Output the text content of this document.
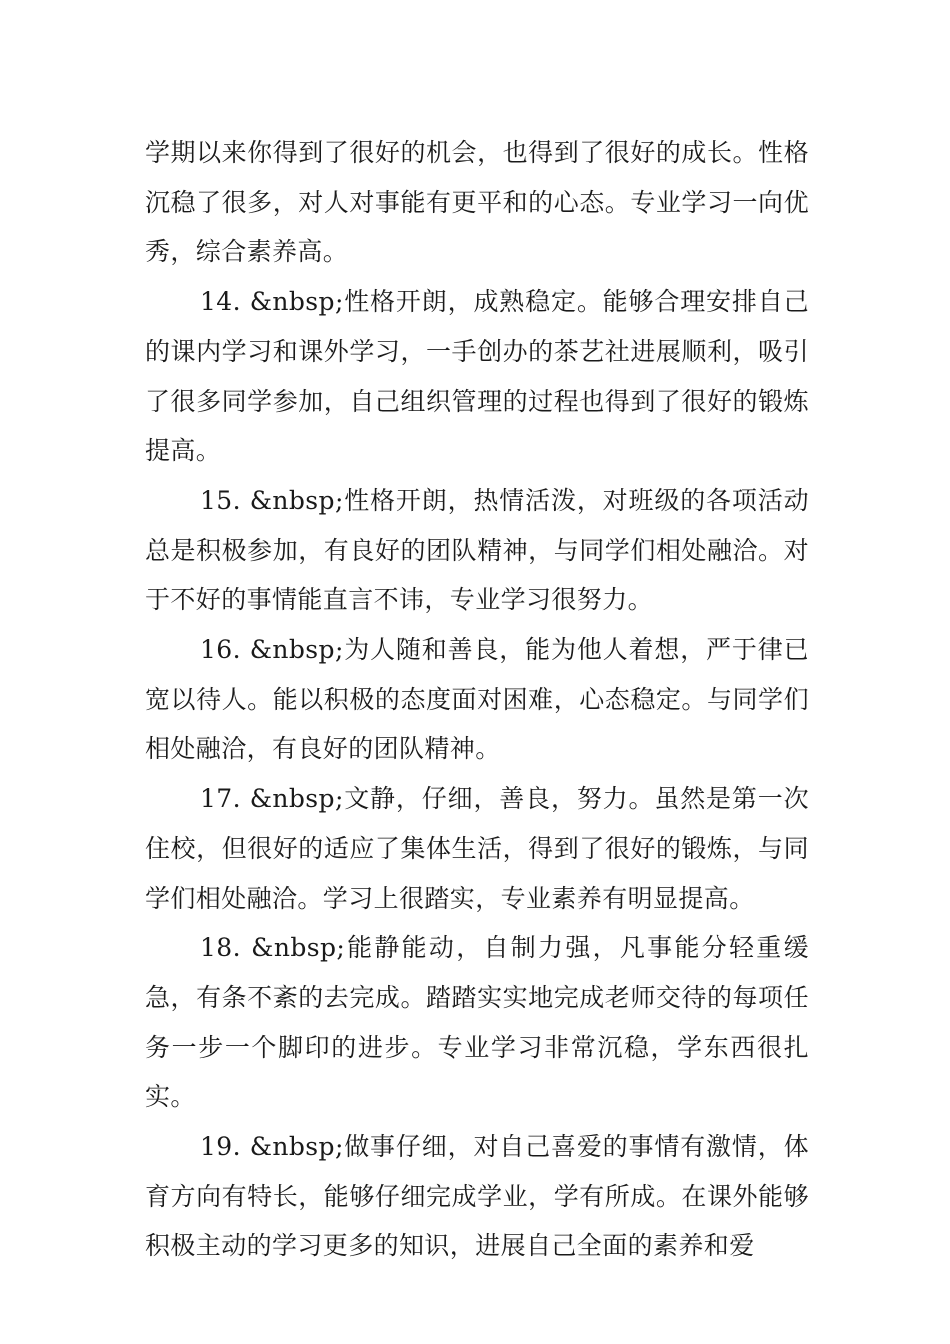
学期以来你得到了很好的机会，也得到了很好的成长。性格沉稳了很多，对人对事能有更平和的心态。专业学习一向优秀，综合素养高。

14. &nbsp;性格开朗，成熟稳定。能够合理安排自己的课内学习和课外学习，一手创办的茶艺社进展顺利，吸引了很多同学参加，自己组织管理的过程也得到了很好的锻炼提高。

15. &nbsp;性格开朗，热情活泼，对班级的各项活动总是积极参加，有良好的团队精神，与同学们相处融洽。对于不好的事情能直言不讳，专业学习很努力。

16. &nbsp;为人随和善良，能为他人着想，严于律已宽以待人。能以积极的态度面对困难，心态稳定。与同学们相处融洽，有良好的团队精神。

17. &nbsp;文静，仔细，善良，努力。虽然是第一次住校，但很好的适应了集体生活，得到了很好的锻炼，与同学们相处融洽。学习上很踏实，专业素养有明显提高。

18. &nbsp;能静能动，自制力强，凡事能分轻重缓急，有条不紊的去完成。踏踏实实地完成老师交待的每项任务一步一个脚印的进步。专业学习非常沉稳，学东西很扎实。

19. &nbsp;做事仔细，对自己喜爱的事情有激情，体育方向有特长，能够仔细完成学业，学有所成。在课外能够积极主动的学习更多的知识，进展自己全面的素养和爱
